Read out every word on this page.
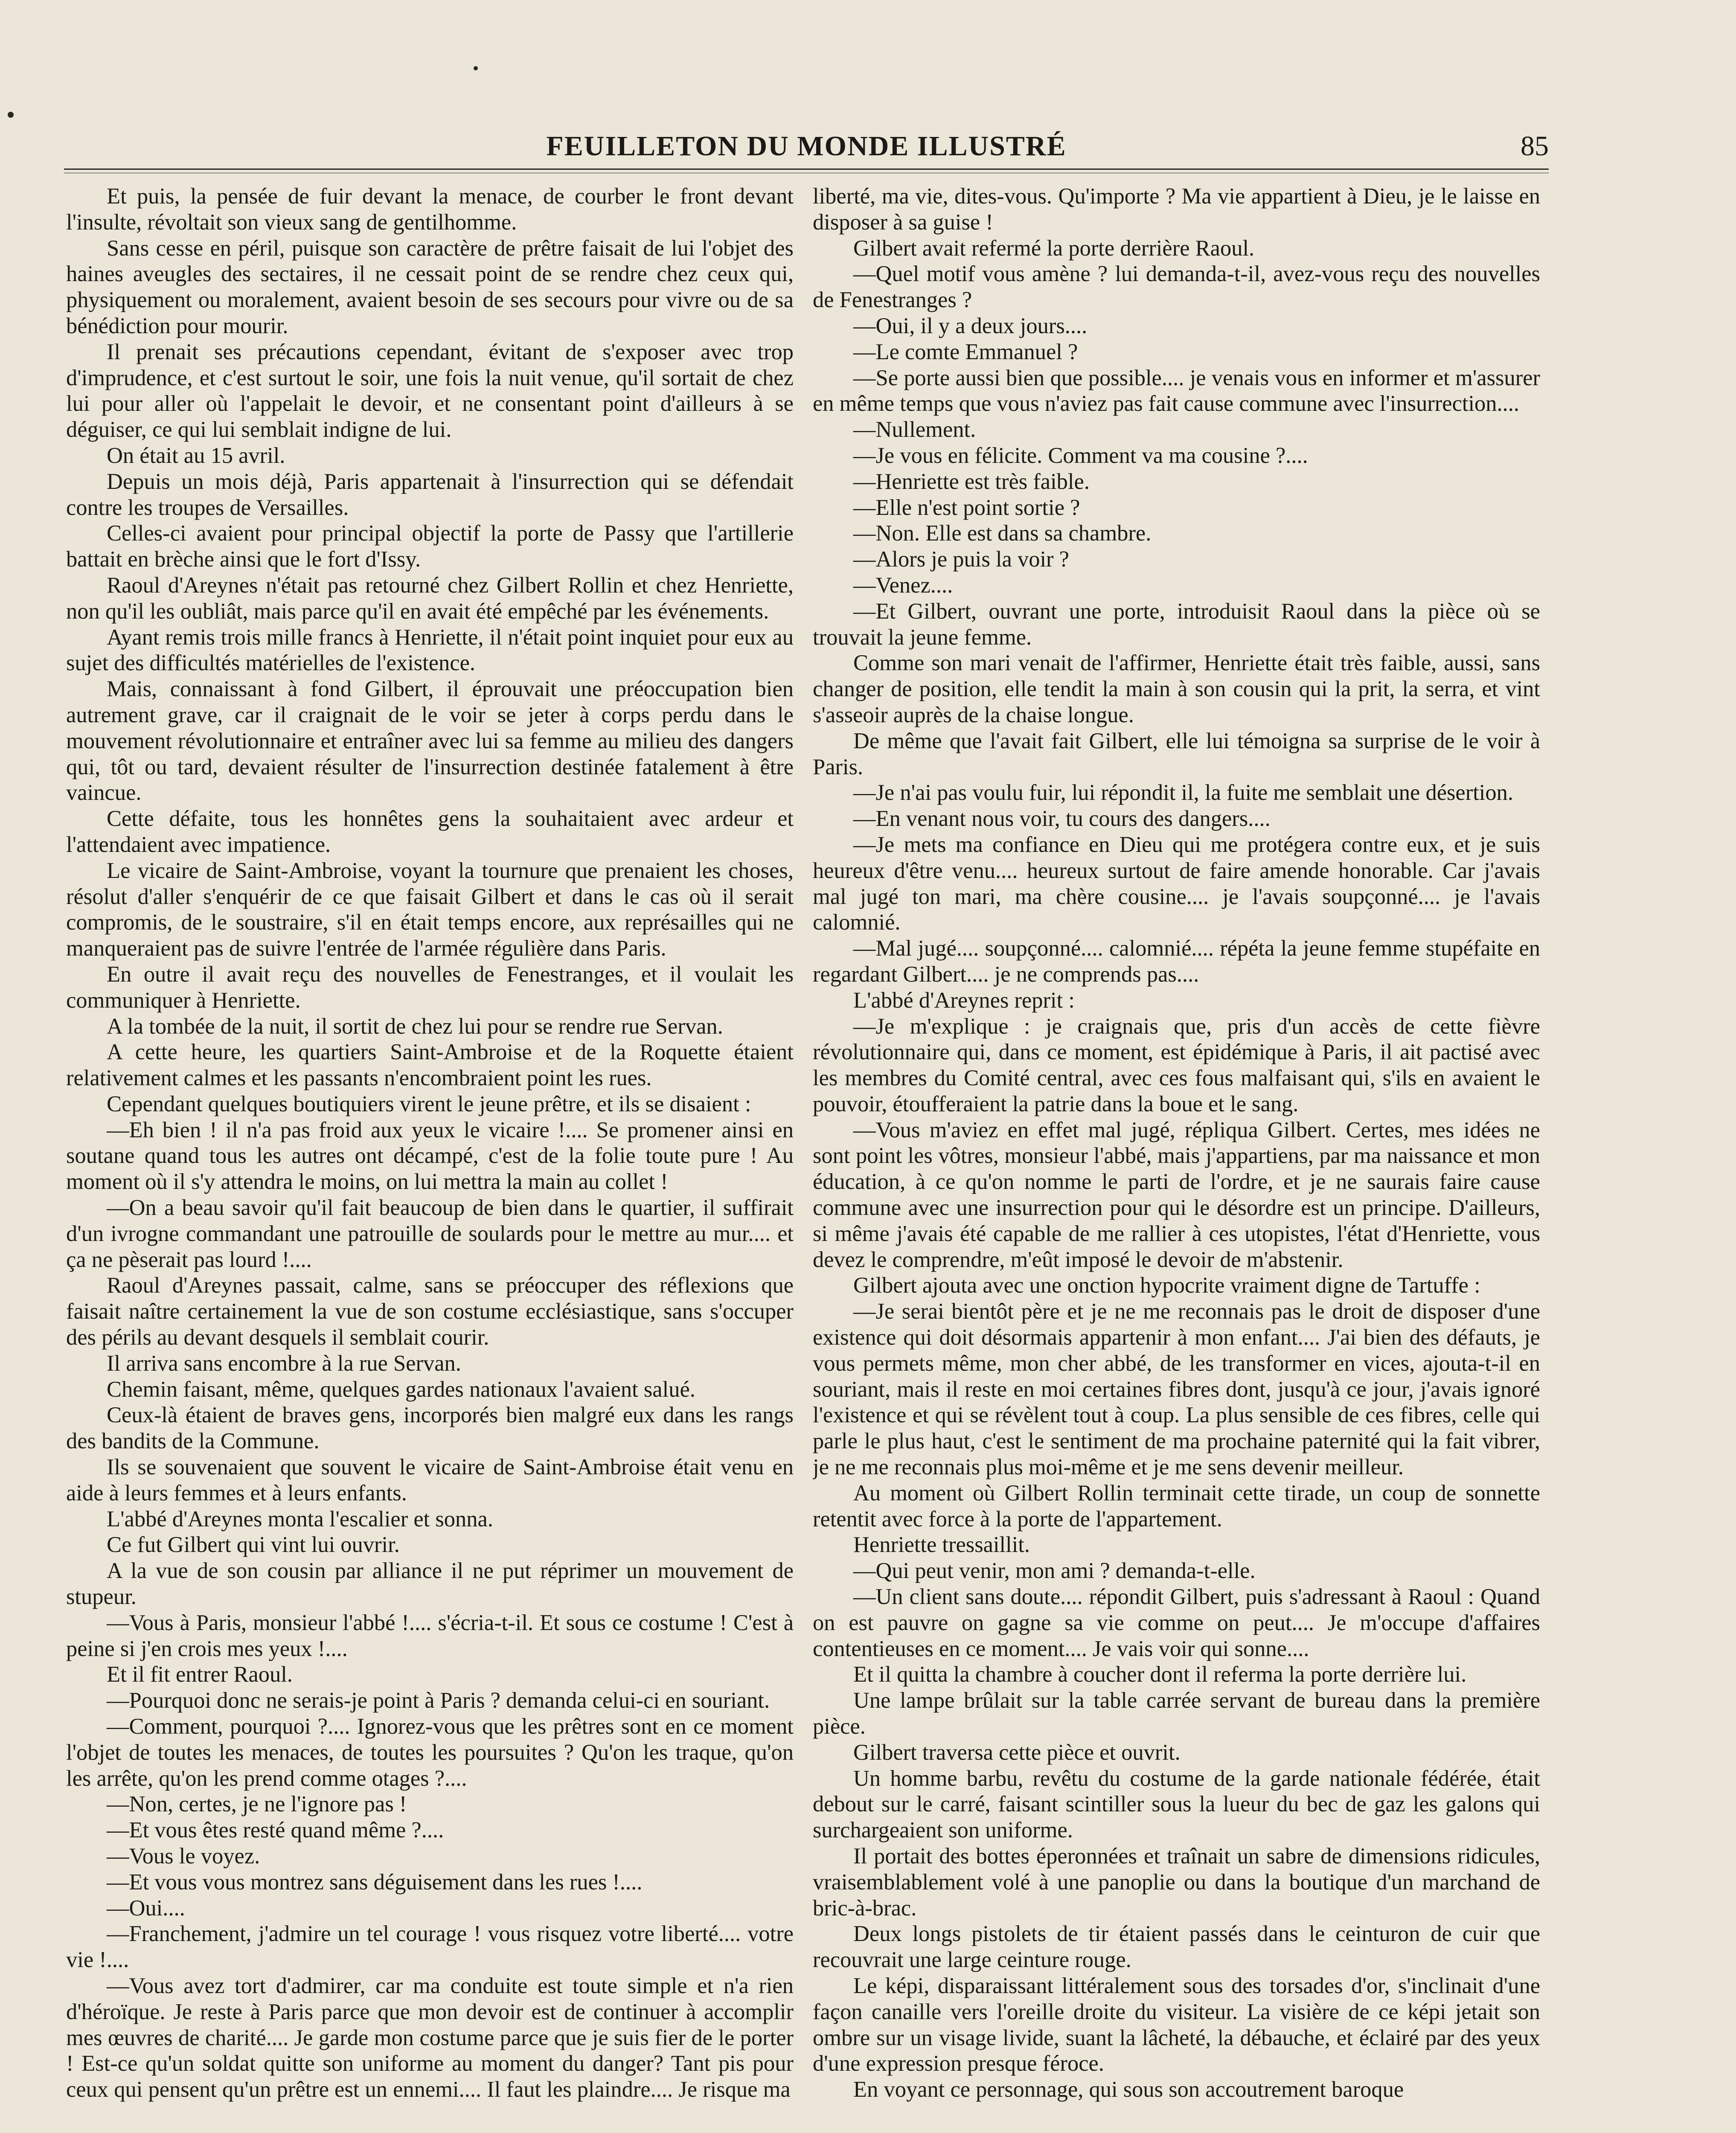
FEUILLETON DU MONDE ILLUSTRÉ	85

Et puis, la pensée de fuir devant la menace, de courber le front devant l'insulte, révoltait son vieux sang de gentilhomme.

Sans cesse en péril, puisque son caractère de prêtre faisait de lui l'objet des haines aveugles des sectaires, il ne cessait point de se rendre chez ceux qui, physiquement ou moralement, avaient besoin de ses secours pour vivre ou de sa bénédiction pour mourir.

Il prenait ses précautions cependant, évitant de s'exposer avec trop d'imprudence, et c'est surtout le soir, une fois la nuit venue, qu'il sortait de chez lui pour aller où l'appelait le devoir, et ne consentant point d'ailleurs à se déguiser, ce qui lui semblait indigne de lui.

On était au 15 avril.

Depuis un mois déjà, Paris appartenait à l'insurrection qui se défendait contre les troupes de Versailles.

Celles-ci avaient pour principal objectif la porte de Passy que l'artillerie battait en brèche ainsi que le fort d'Issy.

Raoul d'Areynes n'était pas retourné chez Gilbert Rollin et chez Henriette, non qu'il les oubliât, mais parce qu'il en avait été empêché par les événements.

Ayant remis trois mille francs à Henriette, il n'était point inquiet pour eux au sujet des difficultés matérielles de l'existence.

Mais, connaissant à fond Gilbert, il éprouvait une préoccupation bien autrement grave, car il craignait de le voir se jeter à corps perdu dans le mouvement révolutionnaire et entraîner avec lui sa femme au milieu des dangers qui, tôt ou tard, devaient résulter de l'insurrection destinée fatalement à être vaincue.

Cette défaite, tous les honnêtes gens la souhaitaient avec ardeur et l'attendaient avec impatience.

Le vicaire de Saint-Ambroise, voyant la tournure que prenaient les choses, résolut d'aller s'enquérir de ce que faisait Gilbert et dans le cas où il serait compromis, de le soustraire, s'il en était temps encore, aux représailles qui ne manqueraient pas de suivre l'entrée de l'armée régulière dans Paris.

En outre il avait reçu des nouvelles de Fenestranges, et il voulait les communiquer à Henriette.

A la tombée de la nuit, il sortit de chez lui pour se rendre rue Servan.

A cette heure, les quartiers Saint-Ambroise et de la Roquette étaient relativement calmes et les passants n'encombraient point les rues.

Cependant quelques boutiquiers virent le jeune prêtre, et ils se disaient :

—Eh bien ! il n'a pas froid aux yeux le vicaire !.... Se promener ainsi en soutane quand tous les autres ont décampé, c'est de la folie toute pure ! Au moment où il s'y attendra le moins, on lui mettra la main au collet !

—On a beau savoir qu'il fait beaucoup de bien dans le quartier, il suffirait d'un ivrogne commandant une patrouille de soulards pour le mettre au mur.... et ça ne pèserait pas lourd !....

Raoul d'Areynes passait, calme, sans se préoccuper des réflexions que faisait naître certainement la vue de son costume ecclésiastique, sans s'occuper des périls au devant desquels il semblait courir.

Il arriva sans encombre à la rue Servan.

Chemin faisant, même, quelques gardes nationaux l'avaient salué.

Ceux-là étaient de braves gens, incorporés bien malgré eux dans les rangs des bandits de la Commune.

Ils se souvenaient que souvent le vicaire de Saint-Ambroise était venu en aide à leurs femmes et à leurs enfants.

L'abbé d'Areynes monta l'escalier et sonna.

Ce fut Gilbert qui vint lui ouvrir.

A la vue de son cousin par alliance il ne put réprimer un mouvement de stupeur.

—Vous à Paris, monsieur l'abbé !.... s'écria-t-il. Et sous ce costume ! C'est à peine si j'en crois mes yeux !....

Et il fit entrer Raoul.

—Pourquoi donc ne serais-je point à Paris ? demanda celui-ci en souriant.

—Comment, pourquoi ?.... Ignorez-vous que les prêtres sont en ce moment l'objet de toutes les menaces, de toutes les poursuites ? Qu'on les traque, qu'on les arrête, qu'on les prend comme otages ?....

—Non, certes, je ne l'ignore pas !

—Et vous êtes resté quand même ?....

—Vous le voyez.

—Et vous vous montrez sans déguisement dans les rues !....

—Oui....

—Franchement, j'admire un tel courage ! vous risquez votre liberté.... votre vie !....

—Vous avez tort d'admirer, car ma conduite est toute simple et n'a rien d'héroïque. Je reste à Paris parce que mon devoir est de continuer à accomplir mes œuvres de charité.... Je garde mon costume parce que je suis fier de le porter ! Est-ce qu'un soldat quitte son uniforme au moment du danger? Tant pis pour ceux qui pensent qu'un prêtre est un ennemi.... Il faut les plaindre.... Je risque ma

liberté, ma vie, dites-vous. Qu'importe ? Ma vie appartient à Dieu, je le laisse en disposer à sa guise !

Gilbert avait refermé la porte derrière Raoul.

—Quel motif vous amène ? lui demanda-t-il, avez-vous reçu des nouvelles de Fenestranges ?

—Oui, il y a deux jours....

—Le comte Emmanuel ?

—Se porte aussi bien que possible.... je venais vous en informer et m'assurer en même temps que vous n'aviez pas fait cause commune avec l'insurrection....

—Nullement.

—Je vous en félicite. Comment va ma cousine ?....

—Henriette est très faible.

—Elle n'est point sortie ?

—Non. Elle est dans sa chambre.

—Alors je puis la voir ?

—Venez....

—Et Gilbert, ouvrant une porte, introduisit Raoul dans la pièce où se trouvait la jeune femme.

Comme son mari venait de l'affirmer, Henriette était très faible, aussi, sans changer de position, elle tendit la main à son cousin qui la prit, la serra, et vint s'asseoir auprès de la chaise longue.

De même que l'avait fait Gilbert, elle lui témoigna sa surprise de le voir à Paris.

—Je n'ai pas voulu fuir, lui répondit il, la fuite me semblait une désertion.

—En venant nous voir, tu cours des dangers....

—Je mets ma confiance en Dieu qui me protégera contre eux, et je suis heureux d'être venu.... heureux surtout de faire amende honorable. Car j'avais mal jugé ton mari, ma chère cousine.... je l'avais soupçonné.... je l'avais calomnié.

—Mal jugé.... soupçonné.... calomnié.... répéta la jeune femme stupéfaite en regardant Gilbert.... je ne comprends pas....

L'abbé d'Areynes reprit :

—Je m'explique : je craignais que, pris d'un accès de cette fièvre révolutionnaire qui, dans ce moment, est épidémique à Paris, il ait pactisé avec les membres du Comité central, avec ces fous malfaisant qui, s'ils en avaient le pouvoir, étoufferaient la patrie dans la boue et le sang.

—Vous m'aviez en effet mal jugé, répliqua Gilbert. Certes, mes idées ne sont point les vôtres, monsieur l'abbé, mais j'appartiens, par ma naissance et mon éducation, à ce qu'on nomme le parti de l'ordre, et je ne saurais faire cause commune avec une insurrection pour qui le désordre est un principe. D'ailleurs, si même j'avais été capable de me rallier à ces utopistes, l'état d'Henriette, vous devez le comprendre, m'eût imposé le devoir de m'abstenir.

Gilbert ajouta avec une onction hypocrite vraiment digne de Tartuffe :

—Je serai bientôt père et je ne me reconnais pas le droit de disposer d'une existence qui doit désormais appartenir à mon enfant.... J'ai bien des défauts, je vous permets même, mon cher abbé, de les transformer en vices, ajouta-t-il en souriant, mais il reste en moi certaines fibres dont, jusqu'à ce jour, j'avais ignoré l'existence et qui se révèlent tout à coup. La plus sensible de ces fibres, celle qui parle le plus haut, c'est le sentiment de ma prochaine paternité qui la fait vibrer, je ne me reconnais plus moi-même et je me sens devenir meilleur.

Au moment où Gilbert Rollin terminait cette tirade, un coup de sonnette retentit avec force à la porte de l'appartement.

Henriette tressaillit.

—Qui peut venir, mon ami ? demanda-t-elle.

—Un client sans doute.... répondit Gilbert, puis s'adressant à Raoul : Quand on est pauvre on gagne sa vie comme on peut.... Je m'occupe d'affaires contentieuses en ce moment.... Je vais voir qui sonne....

Et il quitta la chambre à coucher dont il referma la porte derrière lui.

Une lampe brûlait sur la table carrée servant de bureau dans la première pièce.

Gilbert traversa cette pièce et ouvrit.

Un homme barbu, revêtu du costume de la garde nationale fédérée, était debout sur le carré, faisant scintiller sous la lueur du bec de gaz les galons qui surchargeaient son uniforme.

Il portait des bottes éperonnées et traînait un sabre de dimensions ridicules, vraisemblablement volé à une panoplie ou dans la boutique d'un marchand de bric-à-brac.

Deux longs pistolets de tir étaient passés dans le ceinturon de cuir que recouvrait une large ceinture rouge.

Le képi, disparaissant littéralement sous des torsades d'or, s'inclinait d'une façon canaille vers l'oreille droite du visiteur. La visière de ce képi jetait son ombre sur un visage livide, suant la lâcheté, la débauche, et éclairé par des yeux d'une expression presque féroce.

En voyant ce personnage, qui sous son accoutrement baroque
